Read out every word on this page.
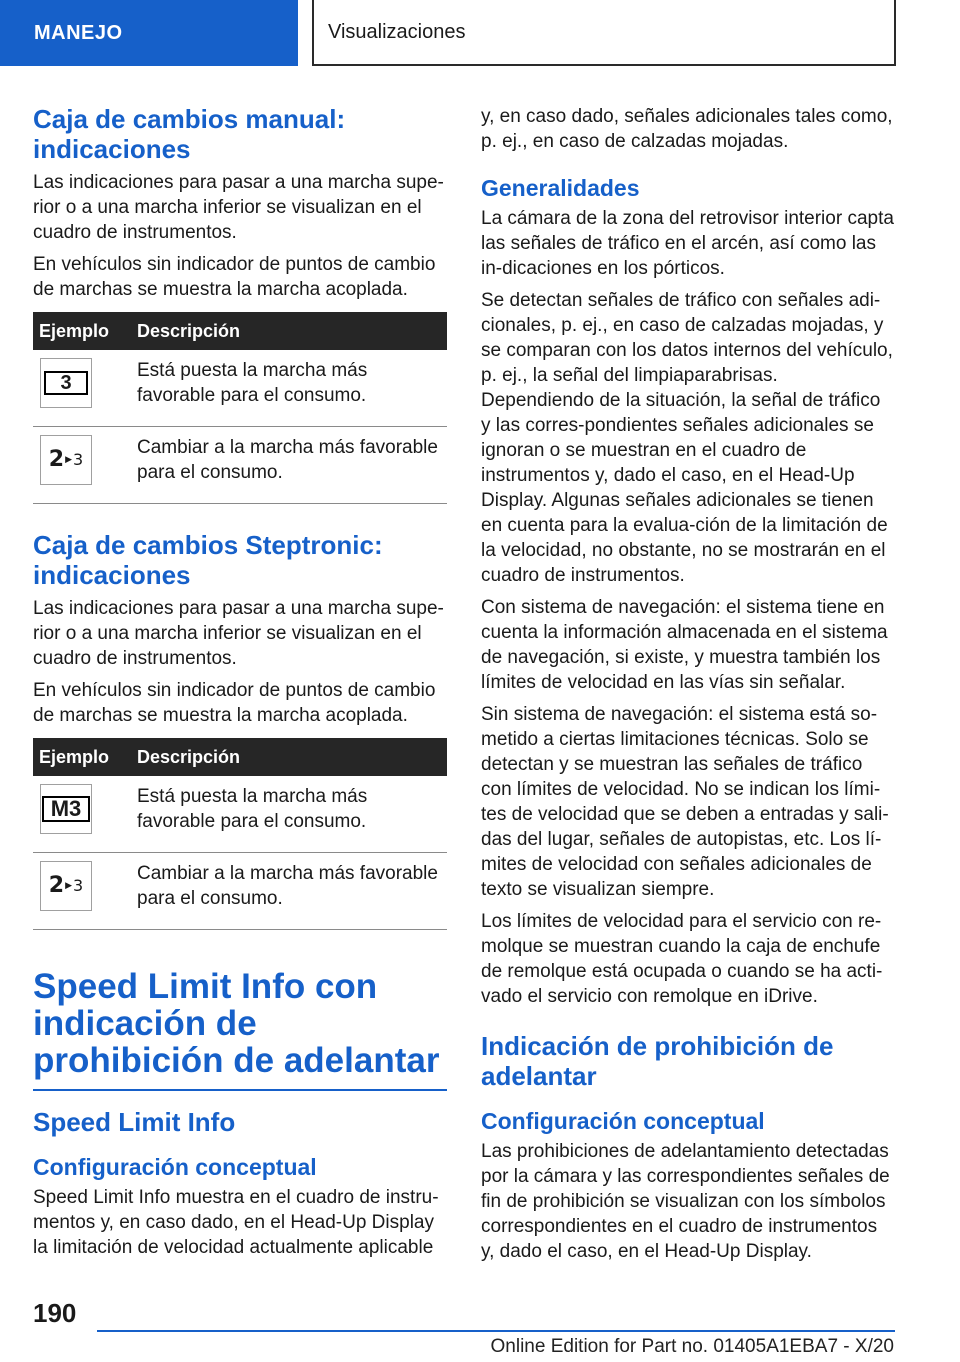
MANEJO	Visualizaciones
Caja de cambios manual: indicaciones

Las indicaciones para pasar a una marcha supe-rior o a una marcha inferior se visualizan en el cuadro de instrumentos.

En vehículos sin indicador de puntos de cambio de marchas se muestra la marcha acoplada.

Ejemplo	Descripción

3	Está puesta la marcha más favorable para el consumo.

2 ▶ 3	Cambiar a la marcha más favorable para el consumo.
Caja de cambios Steptronic: indicaciones

Las indicaciones para pasar a una marcha supe-rior o a una marcha inferior se visualizan en el cuadro de instrumentos.

En vehículos sin indicador de puntos de cambio de marchas se muestra la marcha acoplada.

Ejemplo	Descripción

M3	Está puesta la marcha más favorable para el consumo.

2 ▶ 3	Cambiar a la marcha más favorable para el consumo.
Speed Limit Info con indicación de prohibición de adelantar
Speed Limit Info
Configuración conceptual

Speed Limit Info muestra en el cuadro de instru-mentos y, en caso dado, en el Head-Up Display la limitación de velocidad actualmente aplicable

y, en caso dado, señales adicionales tales como, p. ej., en caso de calzadas mojadas.

Generalidades

La cámara de la zona del retrovisor interior capta las señales de tráfico en el arcén, así como las in-dicaciones en los pórticos.

Se detectan señales de tráfico con señales adi-cionales, p. ej., en caso de calzadas mojadas, y se comparan con los datos internos del vehículo, p. ej., la señal del limpiaparabrisas. Dependiendo de la situación, la señal de tráfico y las corres-pondientes señales adicionales se ignoran o se muestran en el cuadro de instrumentos y, dado el caso, en el Head-Up Display. Algunas señales adicionales se tienen en cuenta para la evalua-ción de la limitación de la velocidad, no obstante, no se mostrarán en el cuadro de instrumentos.

Con sistema de navegación: el sistema tiene en cuenta la información almacenada en el sistema de navegación, si existe, y muestra también los límites de velocidad en las vías sin señalar.

Sin sistema de navegación: el sistema está so-metido a ciertas limitaciones técnicas. Solo se detectan y se muestran las señales de tráfico con límites de velocidad. No se indican los lími-tes de velocidad que se deben a entradas y sali-das del lugar, señales de autopistas, etc. Los lí-mites de velocidad con señales adicionales de texto se visualizan siempre.

Los límites de velocidad para el servicio con re-molque se muestran cuando la caja de enchufe de remolque está ocupada o cuando se ha acti-vado el servicio con remolque en iDrive.

Indicación de prohibición de adelantar
Configuración conceptual

Las prohibiciones de adelantamiento detectadas por la cámara y las correspondientes señales de fin de prohibición se visualizan con los símbolos correspondientes en el cuadro de instrumentos y, dado el caso, en el Head-Up Display.

190
Online Edition for Part no. 01405A1EBA7 - X/20
